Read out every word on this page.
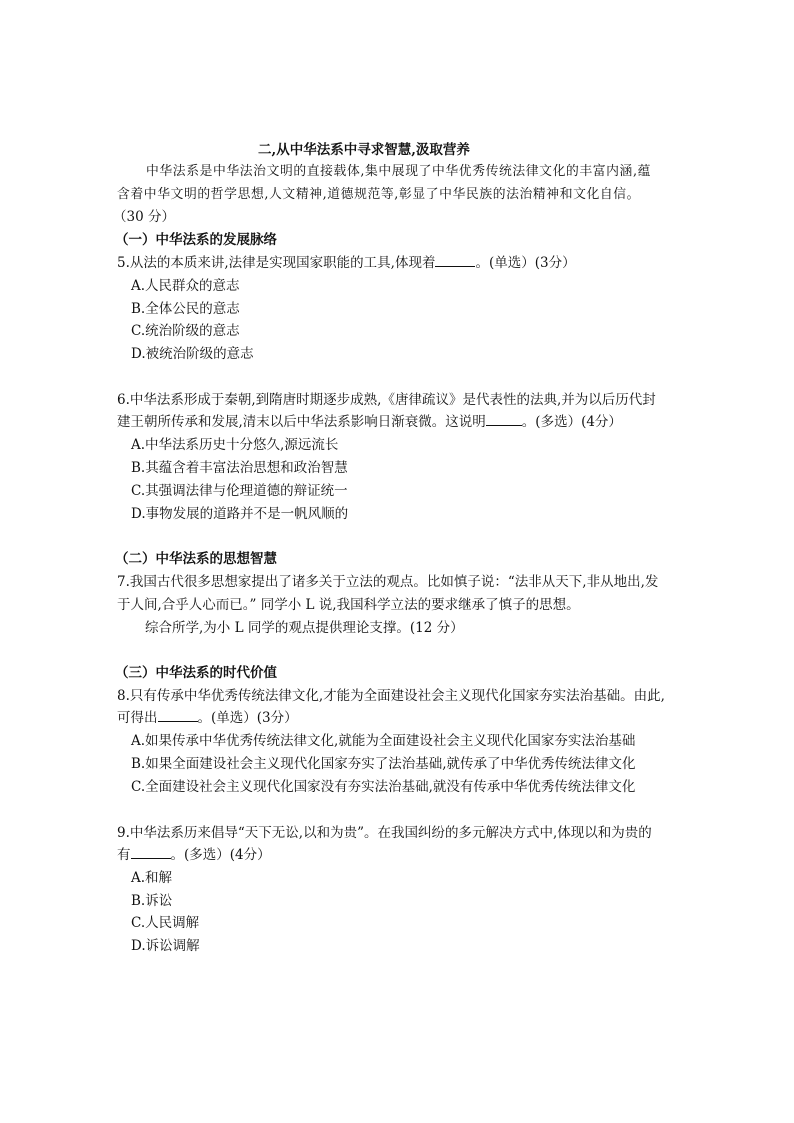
二,从中华法系中寻求智慧,汲取营养
中华法系是中华法治文明的直接载体,集中展现了中华优秀传统法律文化的丰富内涵,蕴
含着中华文明的哲学思想,人文精神,道德规范等,彰显了中华民族的法治精神和文化自信。
（30 分）
（一）中华法系的发展脉络
5.从法的本质来讲,法律是实现国家职能的工具,体现着	。(单选）(3分）
A.人民群众的意志
B.全体公民的意志
C.统治阶级的意志
D.被统治阶级的意志
6.中华法系形成于秦朝,到隋唐时期逐步成熟,《唐律疏议》是代表性的法典,并为以后历代封
建王朝所传承和发展,清末以后中华法系影响日渐衰微。这说明	。(多选）(4分）
A.中华法系历史十分悠久,源远流长
B.其蕴含着丰富法治思想和政治智慧
C.其强调法律与伦理道德的辩证统一
D.事物发展的道路并不是一帆风顺的
（二）中华法系的思想智慧
7.我国古代很多思想家提出了诸多关于立法的观点。比如慎子说：“法非从天下,非从地出,发
于人间,合乎人心而已。” 同学小 L 说,我国科学立法的要求继承了慎子的思想。
综合所学,为小 L 同学的观点提供理论支撑。(12 分）
（三）中华法系的时代价值
8.只有传承中华优秀传统法律文化,才能为全面建设社会主义现代化国家夯实法治基础。由此,
可得出	。(单选）(3分）
A.如果传承中华优秀传统法律文化,就能为全面建设社会主义现代化国家夯实法治基础
B.如果全面建设社会主义现代化国家夯实了法治基础,就传承了中华优秀传统法律文化
C.全面建设社会主义现代化国家没有夯实法治基础,就没有传承中华优秀传统法律文化
9.中华法系历来倡导“天下无讼,以和为贵”。在我国纠纷的多元解决方式中,体现以和为贵的
有	。(多选）(4分）
A.和解
B.诉讼
C.人民调解
D.诉讼调解
